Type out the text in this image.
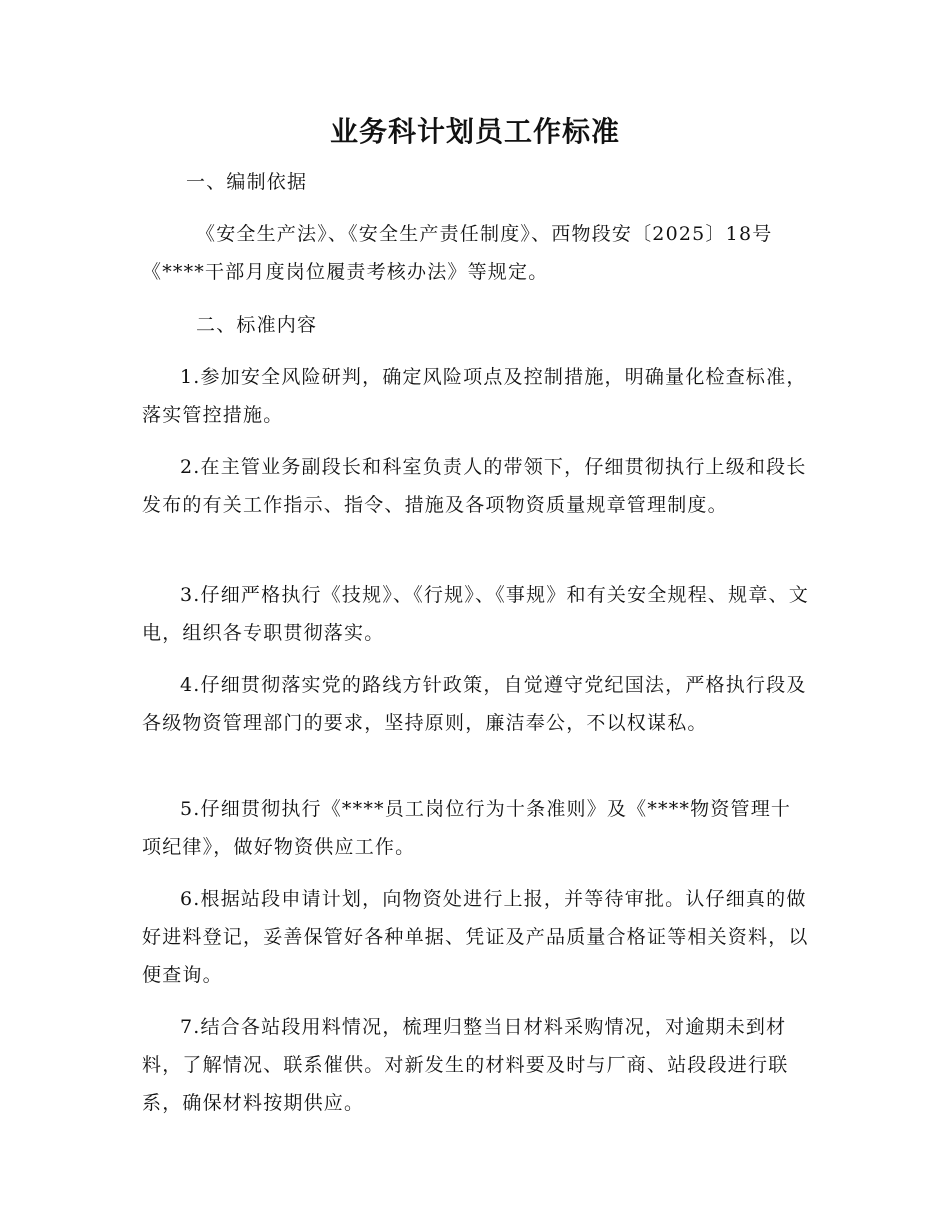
业务科计划员工作标准

一、编制依据

《安全生产法》、《安全生产责任制度》、西物段安〔2025〕18号《****干部月度岗位履责考核办法》等规定。

二、标准内容

1.参加安全风险研判，确定风险项点及控制措施，明确量化检查标准，落实管控措施。

2.在主管业务副段长和科室负责人的带领下，仔细贯彻执行上级和段长发布的有关工作指示、指令、措施及各项物资质量规章管理制度。

3.仔细严格执行《技规》、《行规》、《事规》和有关安全规程、规章、文电，组织各专职贯彻落实。

4.仔细贯彻落实党的路线方针政策，自觉遵守党纪国法，严格执行段及各级物资管理部门的要求，坚持原则，廉洁奉公，不以权谋私。

5.仔细贯彻执行《****员工岗位行为十条准则》及《****物资管理十项纪律》，做好物资供应工作。

6.根据站段申请计划，向物资处进行上报，并等待审批。认仔细真的做好进料登记，妥善保管好各种单据、凭证及产品质量合格证等相关资料，以便查询。

7.结合各站段用料情况，梳理归整当日材料采购情况，对逾期未到材料，了解情况、联系催供。对新发生的材料要及时与厂商、站段段进行联系，确保材料按期供应。
